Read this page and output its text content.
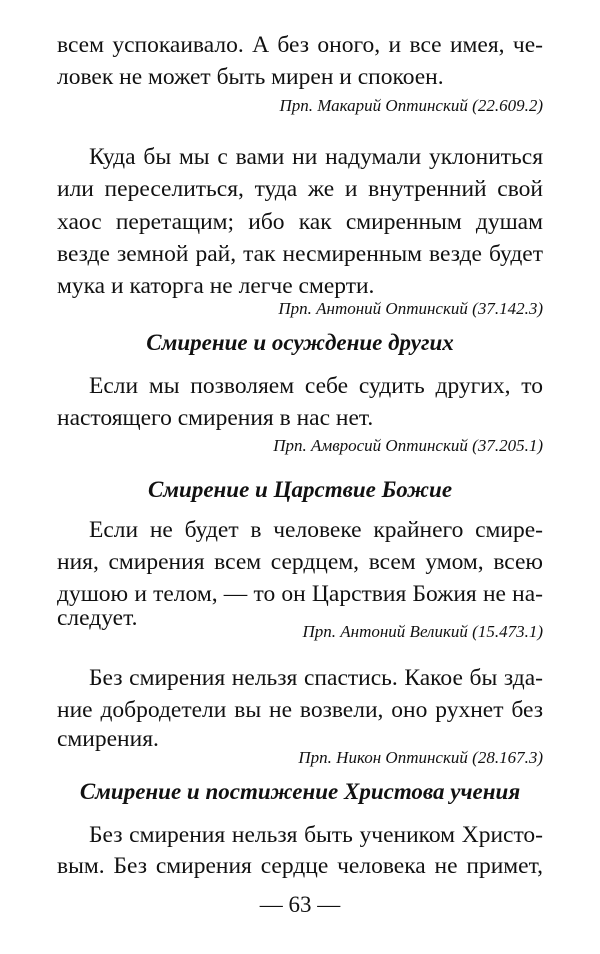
всем успокаивало. А без оного, и все имея, че-
ловек не может быть мирен и спокоен.
Прп. Макарий Оптинский (22.609.2)
Куда бы мы с вами ни надумали уклониться
или переселиться, туда же и внутренний свой
хаос перетащим; ибо как смиренным душам
везде земной рай, так несмиренным везде будет
мука и каторга не легче смерти.
Прп. Антоний Оптинский (37.142.3)
Смирение и осуждение других
Если мы позволяем себе судить других, то
настоящего смирения в нас нет.
Прп. Амвросий Оптинский (37.205.1)
Смирение и Царствие Божие
Если не будет в человеке крайнего смире-
ния, смирения всем сердцем, всем умом, всею
душою и телом, — то он Царствия Божия не на-
следует.
Прп. Антоний Великий (15.473.1)
Без смирения нельзя спастись. Какое бы зда-
ние добродетели вы не возвели, оно рухнет без
смирения.
Прп. Никон Оптинский (28.167.3)
Смирение и постижение Христова учения
Без смирения нельзя быть учеником Христо-
вым. Без смирения сердце человека не примет,
— 63 —
